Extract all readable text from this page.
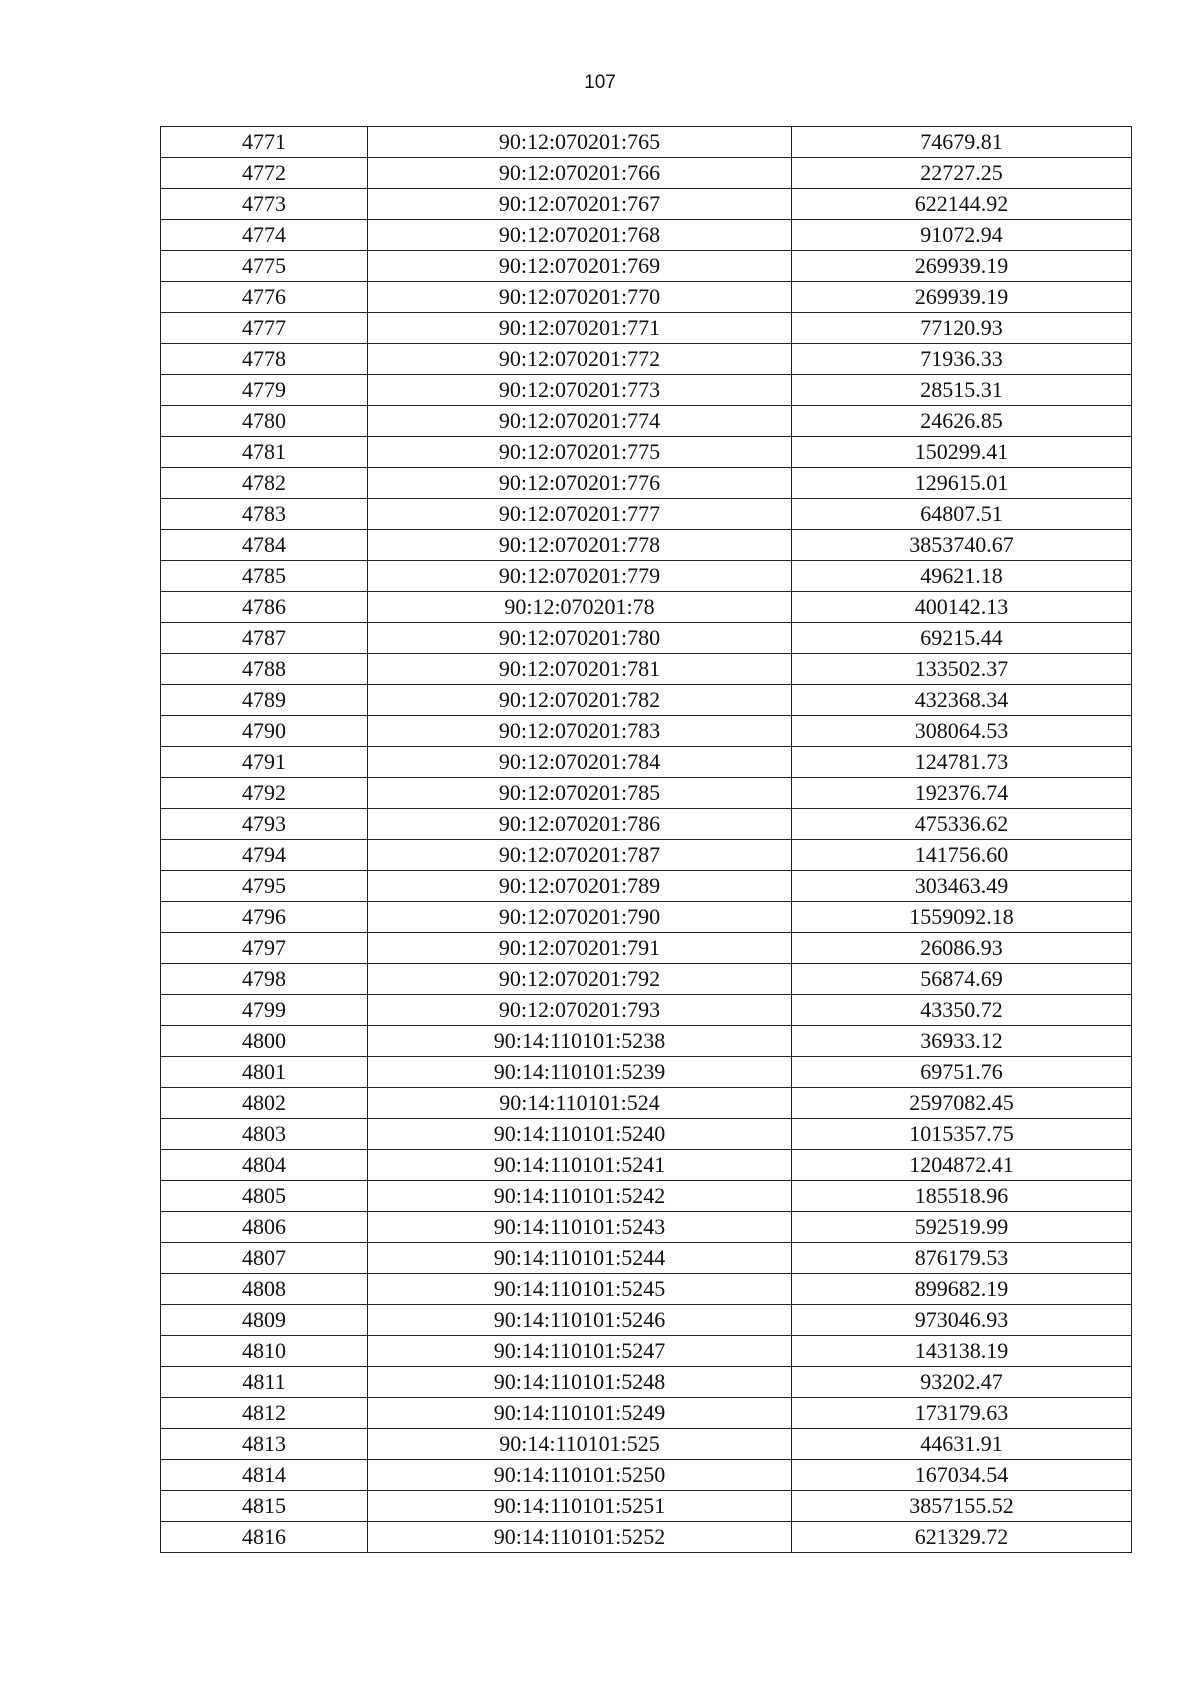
107
4771	90:12:070201:765	74679.81
4772	90:12:070201:766	22727.25
4773	90:12:070201:767	622144.92
4774	90:12:070201:768	91072.94
4775	90:12:070201:769	269939.19
4776	90:12:070201:770	269939.19
4777	90:12:070201:771	77120.93
4778	90:12:070201:772	71936.33
4779	90:12:070201:773	28515.31
4780	90:12:070201:774	24626.85
4781	90:12:070201:775	150299.41
4782	90:12:070201:776	129615.01
4783	90:12:070201:777	64807.51
4784	90:12:070201:778	3853740.67
4785	90:12:070201:779	49621.18
4786	90:12:070201:78	400142.13
4787	90:12:070201:780	69215.44
4788	90:12:070201:781	133502.37
4789	90:12:070201:782	432368.34
4790	90:12:070201:783	308064.53
4791	90:12:070201:784	124781.73
4792	90:12:070201:785	192376.74
4793	90:12:070201:786	475336.62
4794	90:12:070201:787	141756.60
4795	90:12:070201:789	303463.49
4796	90:12:070201:790	1559092.18
4797	90:12:070201:791	26086.93
4798	90:12:070201:792	56874.69
4799	90:12:070201:793	43350.72
4800	90:14:110101:5238	36933.12
4801	90:14:110101:5239	69751.76
4802	90:14:110101:524	2597082.45
4803	90:14:110101:5240	1015357.75
4804	90:14:110101:5241	1204872.41
4805	90:14:110101:5242	185518.96
4806	90:14:110101:5243	592519.99
4807	90:14:110101:5244	876179.53
4808	90:14:110101:5245	899682.19
4809	90:14:110101:5246	973046.93
4810	90:14:110101:5247	143138.19
4811	90:14:110101:5248	93202.47
4812	90:14:110101:5249	173179.63
4813	90:14:110101:525	44631.91
4814	90:14:110101:5250	167034.54
4815	90:14:110101:5251	3857155.52
4816	90:14:110101:5252	621329.72
